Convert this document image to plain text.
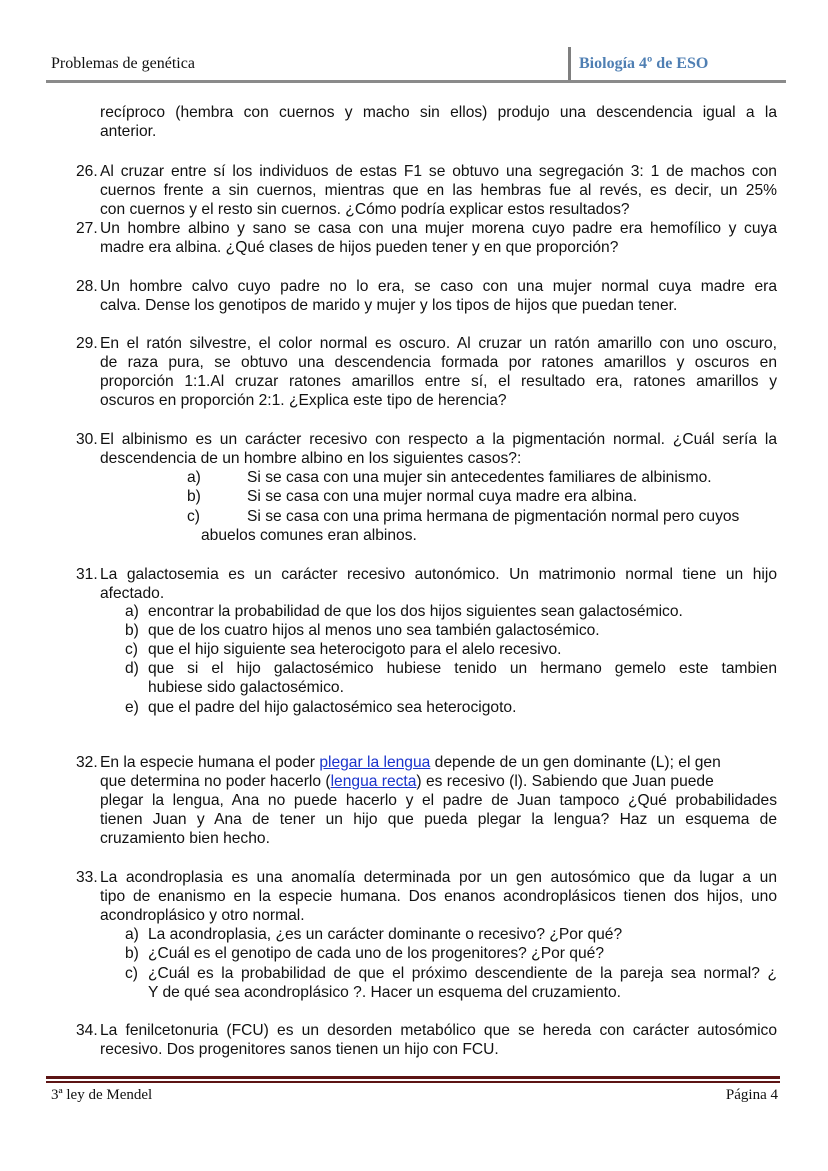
Problemas de genética	Biología 4º de ESO
recíproco (hembra con cuernos y macho sin ellos) produjo una descendencia igual a la
anterior.
26. Al cruzar entre sí los individuos de estas F1 se obtuvo una segregación 3: 1 de machos con
cuernos frente a sin cuernos, mientras que en las hembras fue al revés, es decir, un 25%
con cuernos y el resto sin cuernos. ¿Cómo podría explicar estos resultados?
27. Un hombre albino y sano se casa con una mujer morena cuyo padre era hemofílico y cuya
madre era albina. ¿Qué clases de hijos pueden tener y en que proporción?
28. Un hombre calvo cuyo padre no lo era, se caso con una mujer normal cuya madre era
calva. Dense los genotipos de marido y mujer y los tipos de hijos que puedan tener.
29. En el ratón silvestre, el color normal es oscuro. Al cruzar un ratón amarillo con uno oscuro,
de raza pura, se obtuvo una descendencia formada por ratones amarillos y oscuros en
proporción 1:1.Al cruzar ratones amarillos entre sí, el resultado era, ratones amarillos y
oscuros en proporción 2:1. ¿Explica este tipo de herencia?
30. El albinismo es un carácter recesivo con respecto a la pigmentación normal. ¿Cuál sería la
descendencia de un hombre albino en los siguientes casos?:
a)	Si se casa con una mujer sin antecedentes familiares de albinismo.
b)	Si se casa con una mujer normal cuya madre era albina.
c)	Si se casa con una prima hermana de pigmentación normal pero cuyos
abuelos comunes eran albinos.
31. La galactosemia es un carácter recesivo autonómico. Un matrimonio normal tiene un hijo
afectado.
a) encontrar la probabilidad de que los dos hijos siguientes sean galactosémico.
b) que de los cuatro hijos al menos uno sea también galactosémico.
c) que el hijo siguiente sea heterocigoto para el alelo recesivo.
d) que si el hijo galactosémico hubiese tenido un hermano gemelo este tambien
hubiese sido galactosémico.
e) que el padre del hijo galactosémico sea heterocigoto.
32. En la especie humana el poder plegar la lengua depende de un gen dominante (L); el gen
que determina no poder hacerlo (lengua recta) es recesivo (l). Sabiendo que Juan puede
plegar la lengua, Ana no puede hacerlo y el padre de Juan tampoco ¿Qué probabilidades
tienen Juan y Ana de tener un hijo que pueda plegar la lengua? Haz un esquema de
cruzamiento bien hecho.
33. La acondroplasia es una anomalía determinada por un gen autosómico que da lugar a un
tipo de enanismo en la especie humana. Dos enanos acondroplásicos tienen dos hijos, uno
acondroplásico y otro normal.
a) La acondroplasia, ¿es un carácter dominante o recesivo? ¿Por qué?
b) ¿Cuál es el genotipo de cada uno de los progenitores? ¿Por qué?
c) ¿Cuál es la probabilidad de que el próximo descendiente de la pareja sea normal? ¿
Y de qué sea acondroplásico ?. Hacer un esquema del cruzamiento.
34. La fenilcetonuria (FCU) es un desorden metabólico que se hereda con carácter autosómico
recesivo. Dos progenitores sanos tienen un hijo con FCU.
3ª ley de Mendel	Página 4
